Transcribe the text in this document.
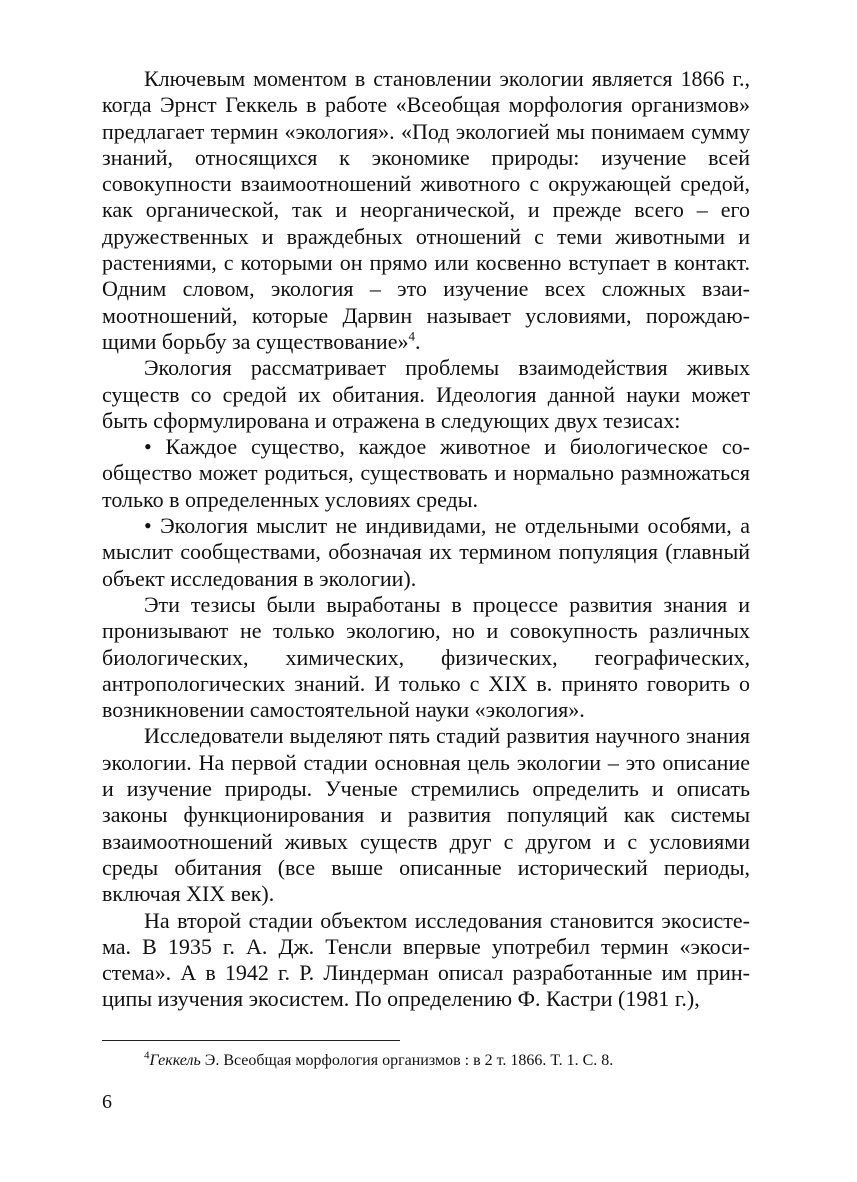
Ключевым моментом в становлении экологии является 1866 г., когда Эрнст Геккель в работе «Всеобщая морфология организмов» предлагает термин «экология». «Под экологией мы понимаем сумму знаний, относящихся к экономике природы: изучение всей совокупности взаимоотношений животного с окружающей средой, как органической, так и неорганической, и прежде всего – его дружественных и враждебных отношений с теми животными и растениями, с которыми он прямо или косвенно вступает в контакт. Одним словом, экология – это изучение всех сложных взаимоотношений, которые Дарвин называет условиями, порождающими борьбу за существование»$^4$.

Экология рассматривает проблемы взаимодействия живых существ со средой их обитания. Идеология данной науки может быть сформулирована и отражена в следующих двух тезисах:

• Каждое существо, каждое животное и биологическое сообщество может родиться, существовать и нормально размножаться только в определенных условиях среды.

• Экология мыслит не индивидами, не отдельными особями, а мыслит сообществами, обозначая их термином популяция (главный объект исследования в экологии).

Эти тезисы были выработаны в процессе развития знания и пронизывают не только экологию, но и совокупность различных биологических, химических, физических, географических, антропологических знаний. И только с XIX в. принято говорить о возникновении самостоятельной науки «экология».

Исследователи выделяют пять стадий развития научного знания экологии. На первой стадии основная цель экологии – это описание и изучение природы. Ученые стремились определить и описать законы функционирования и развития популяций как системы взаимоотношений живых существ друг с другом и с условиями среды обитания (все выше описанные исторический периоды, включая XIX век).

На второй стадии объектом исследования становится экосистема. В 1935 г. А. Дж. Тенсли впервые употребил термин «экосистема». А в 1942 г. Р. Линдерман описал разработанные им принципы изучения экосистем. По определению Ф. Кастри (1981 г.),

$^4$Геккель Э. Всеобщая морфология организмов : в 2 т. 1866. Т. 1. С. 8.
6
